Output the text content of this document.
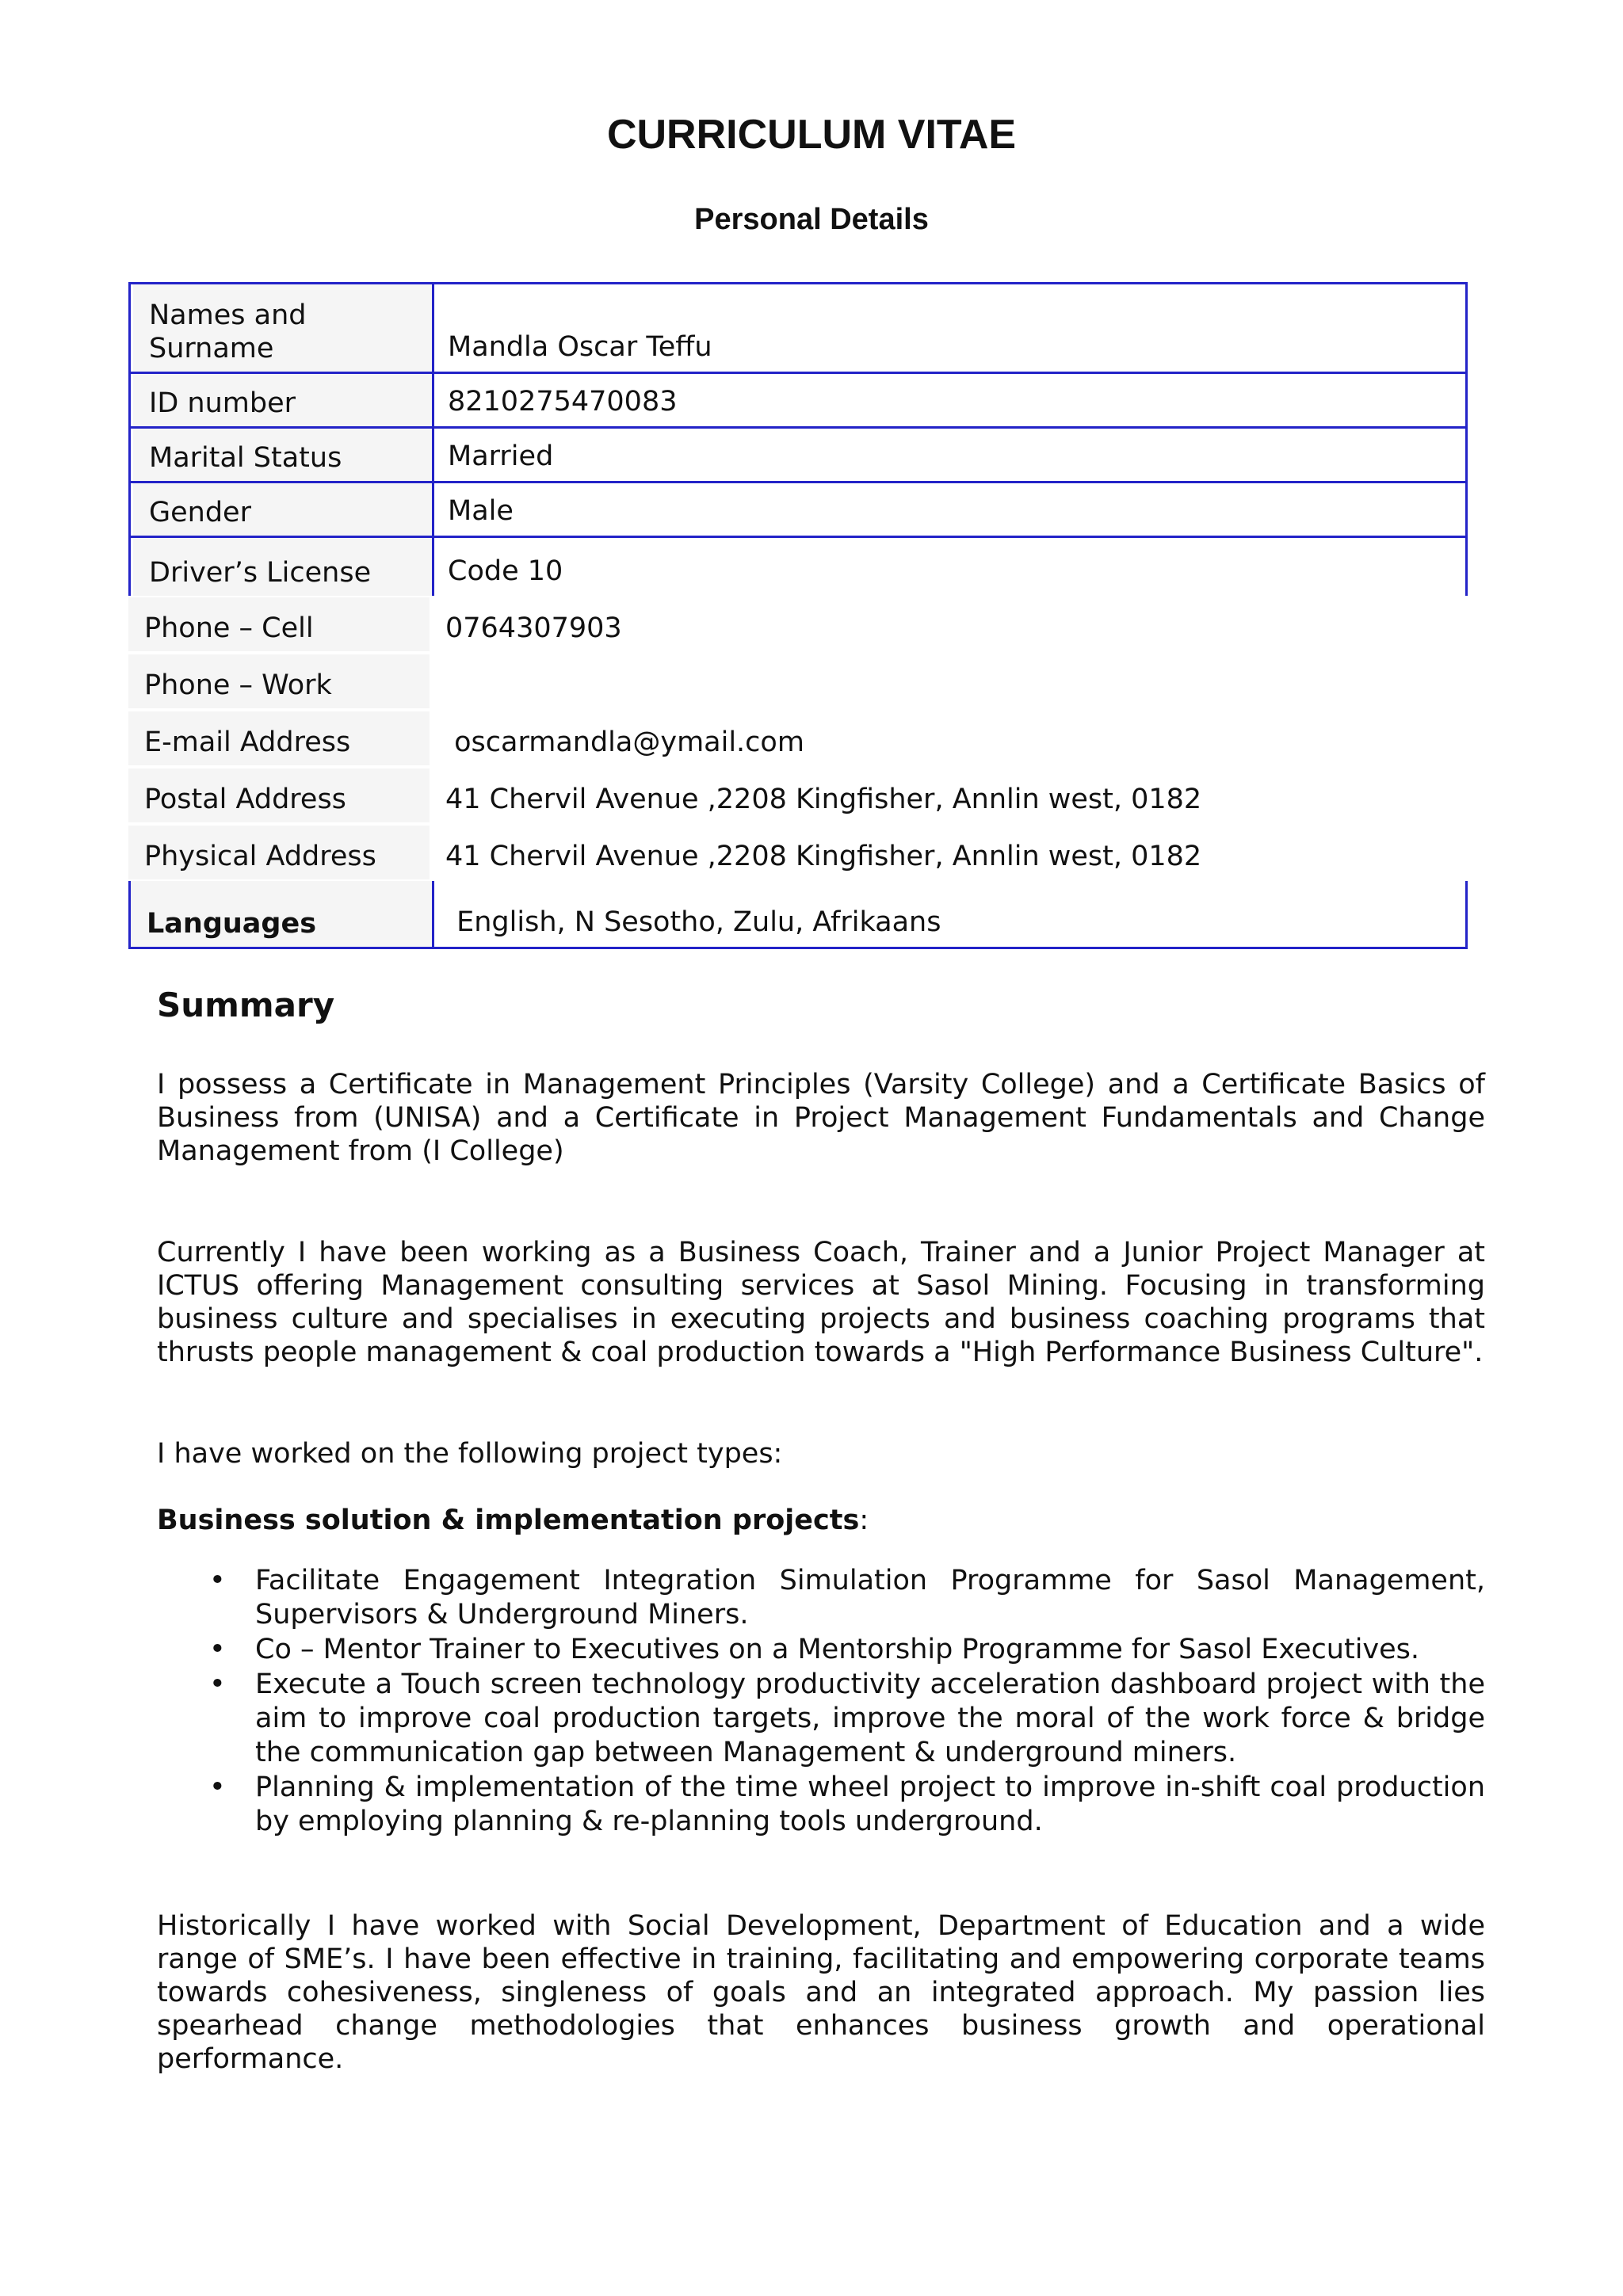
CURRICULUM VITAE
Personal Details
Names and Surname	Mandla Oscar Teffu
ID number	8210275470083
Marital Status	Married
Gender	Male
Driver’s License	Code 10
Phone – Cell	0764307903
Phone – Work
E-mail Address	oscarmandla@ymail.com
Postal Address	41 Chervil Avenue ,2208 Kingfisher, Annlin west, 0182
Physical Address	41 Chervil Avenue ,2208 Kingfisher, Annlin west, 0182
Languages	English, N Sesotho, Zulu, Afrikaans
Summary

I possess a Certificate in Management Principles (Varsity College) and a Certificate Basics of Business from (UNISA) and a Certificate in Project Management Fundamentals and Change Management from (I College)

Currently I have been working as a Business Coach, Trainer and a Junior Project Manager at ICTUS offering Management consulting services at Sasol Mining. Focusing in transforming business culture and specialises in executing projects and business coaching programs that thrusts people management & coal production towards a "High Performance Business Culture".

I have worked on the following project types:

Business solution & implementation projects:

• Facilitate Engagement Integration Simulation Programme for Sasol Management, Supervisors & Underground Miners.
• Co – Mentor Trainer to Executives on a Mentorship Programme for Sasol Executives.
• Execute a Touch screen technology productivity acceleration dashboard project with the aim to improve coal production targets, improve the moral of the work force & bridge the communication gap between Management & underground miners.
• Planning & implementation of the time wheel project to improve in-shift coal production by employing planning & re-planning tools underground.

Historically I have worked with Social Development, Department of Education and a wide range of SME’s. I have been effective in training, facilitating and empowering corporate teams towards cohesiveness, singleness of goals and an integrated approach. My passion lies spearhead change methodologies that enhances business growth and operational performance.
